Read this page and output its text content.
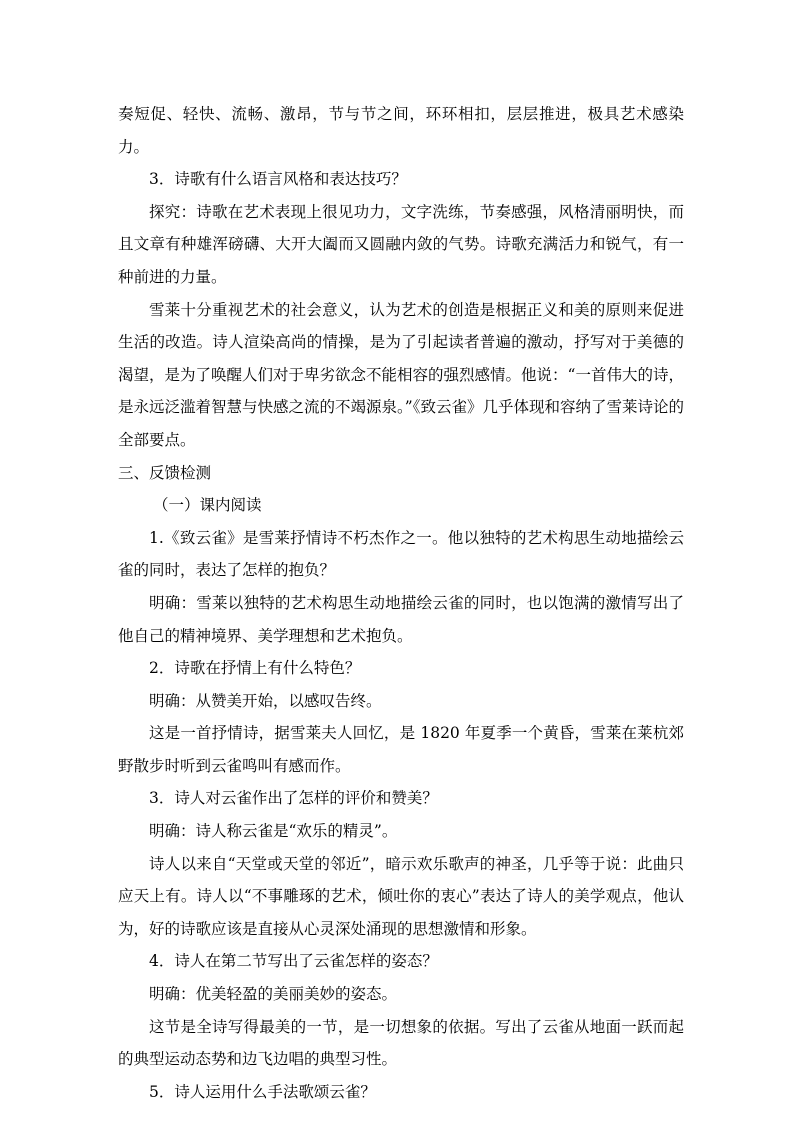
奏短促、轻快、流畅、激昂，节与节之间，环环相扣，层层推进，极具艺术感染力。

3．诗歌有什么语言风格和表达技巧？

探究：诗歌在艺术表现上很见功力，文字洗练，节奏感强，风格清丽明快，而且文章有种雄浑磅礴、大开大阖而又圆融内敛的气势。诗歌充满活力和锐气，有一种前进的力量。

雪莱十分重视艺术的社会意义，认为艺术的创造是根据正义和美的原则来促进生活的改造。诗人渲染高尚的情操，是为了引起读者普遍的激动，抒写对于美德的渴望，是为了唤醒人们对于卑劣欲念不能相容的强烈感情。他说：“一首伟大的诗，是永远泛滥着智慧与快感之流的不竭源泉。”《致云雀》几乎体现和容纳了雪莱诗论的全部要点。

三、反馈检测

（一）课内阅读

1.《致云雀》是雪莱抒情诗不朽杰作之一。他以独特的艺术构思生动地描绘云雀的同时，表达了怎样的抱负？

明确：雪莱以独特的艺术构思生动地描绘云雀的同时，也以饱满的激情写出了他自己的精神境界、美学理想和艺术抱负。

2．诗歌在抒情上有什么特色？

明确：从赞美开始，以感叹告终。

这是一首抒情诗，据雪莱夫人回忆，是 1820 年夏季一个黄昏，雪莱在莱杭郊野散步时听到云雀鸣叫有感而作。

3．诗人对云雀作出了怎样的评价和赞美？

明确：诗人称云雀是“欢乐的精灵”。

诗人以来自“天堂或天堂的邻近”，暗示欢乐歌声的神圣，几乎等于说：此曲只应天上有。诗人以“不事雕琢的艺术，倾吐你的衷心”表达了诗人的美学观点，他认为，好的诗歌应该是直接从心灵深处涌现的思想激情和形象。

4．诗人在第二节写出了云雀怎样的姿态？

明确：优美轻盈的美丽美妙的姿态。

这节是全诗写得最美的一节，是一切想象的依据。写出了云雀从地面一跃而起的典型运动态势和边飞边唱的典型习性。

5．诗人运用什么手法歌颂云雀？
